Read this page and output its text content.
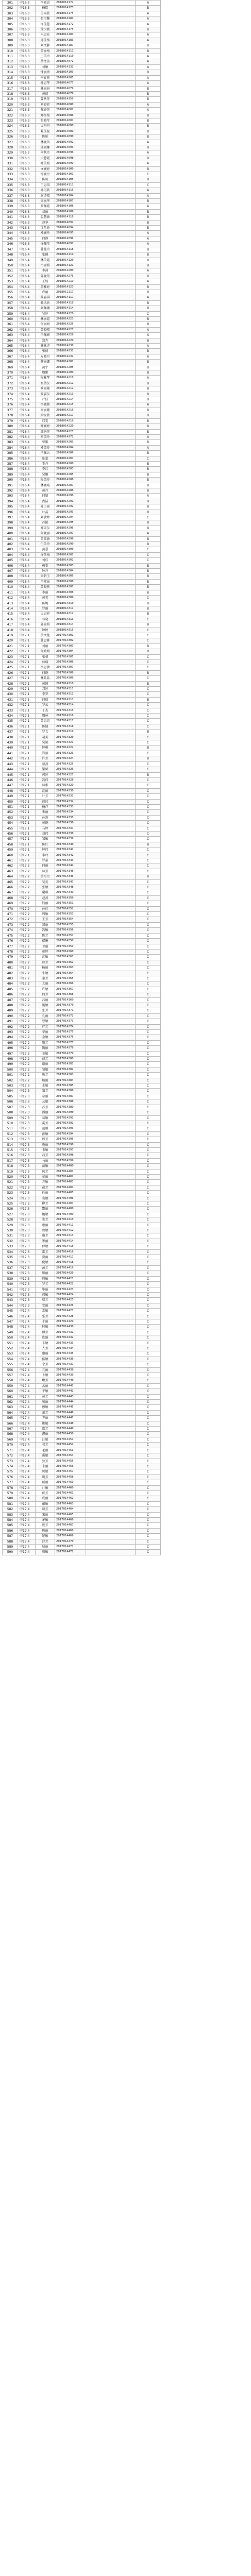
301	中16.3	李嘉恩	2018014172		A
302	中16.3	杨铭	2018014173		B
303	中16.3	吴雨欣	2018014175		A
304	中16.3	张可馨	2018014184		A
305	中16.3	许佳慧	2018014172		A
306	中16.3	徐少燕	2018014175		B
307	中16.3	朱思宏	2018014181		A
308	中16.3	邱佳怡	2018014183		A
309	中16.3	刘文静	2018014187		B
310	中16.3	黄丽梅	2018014111		B
311	中16.3	王美玲	2018014110		A
312	中16.3	蔡文洁	2018014072		A
313	中16.3	刘敏	2018014132		A
314	中16.3	钟丽珍	2018014103		B
315	中16.3	何春燕	2018014105		A
316	中16.3	杜思琴	2018014077		A
317	中16.3	林丽娟	2018014079		B
318	中16.3	黄倩	2018014079		B
319	中16.3	曾秋萍	2018014159		B
320	中16.3	罗婷婷	2018014080		A
321	中16.3	陈妙苑	2018014082		A
322	中16.3	郑红梅	2018014086		B
323	中16.3	张晓莹	2018014087		B
324	中16.3	吴丹丹	2018014088		B
325	中16.3	赖佳妮	2018014089		B
326	中16.3	陈娇	2018014090		B
327	中16.3	林晓茵	2018014092		A
328	中16.3	邱丽娜	2018014093		B
329	中16.3	何秋玲	2018014096		A
330	中16.3	卢慧霞	2018014098		B
331	中16.3	叶美娟	2018014099		A
332	中16.3	文婉婷	2018014100		B
333	中16.3	杨晓丹	2018014101		C
334	中16.3	陈凤	2018014105		B
335	中16.3	王思琪	2018014113		C
336	中16.3	邓可欣	2018014115		A
337	中16.3	谢诗晴	2018014104		A
338	中16.3	梁丽华	2018014107		B
339	中16.3	罗佩霞	2018014108		A
340	中16.3	刘丽	2018014109		B
341	中16.3	温慧敏	2018014116		B
342	中16.3	赵华	2018014092		B
343	中16.3	江月娇	2018014094		B
344	中16.3	邓婉玲	2018014095		A
345	中16.3	何静	2018014096		A
346	中16.3	许佩莹	2018014097		A
347	中16.4	曾曼玲	2018014118		B
348	中16.4	张佩	2018014119		B
349	中16.4	林美霞	2018014120		B
350	中16.4	吕丽娟	2018014121		B
351	中16.4	李茜	2018014200		A
352	中16.4	陈晓筠	2018014276		B
353	中16.4	王绮	2018014219		A
354	中16.4	黄雅婷	2018014123		B
355	中16.4	卢丽	2018011117		B
356	中16.4	罗嘉琪	2018014117		A
357	中16.4	赖洪欣	2018014118		B
358	中16.4	刘佩琳	2018014114		B
359	中16.4	吴婷	2018014120		C
360	中16.4	林丽霞	2018014223		B
361	中16.4	何丽娟	2018014225		B
362	中16.4	黄晓晴	2018014227		A
363	中16.4	余佩娴	2018014228		A
364	中16.4	郑卉	2018014229		B
365	中16.4	林咏诗	2018014230		A
366	中16.4	张倩	2018014231		B
367	中16.4	方晓丹	2018014232		A
368	中16.4	蔡丽娜	2018014201		B
369	中16.4	黄宇	2018014205		B
370	中16.4	魏紫	2018014209		B
371	中16.4	程雅琴	2018014210		A
372	中16.4	张倩仪	2018014211		B
373	中16.4	欧丽珊	2018014212		B
374	中16.4	罗嘉仪	2018014213		B
375	中16.4	严佳	2018014214		B
376	中16.4	李晓燕	2018014215		A
377	中16.4	谢丽珊	2018014216		B
378	中16.4	梁家欣	2018014217		B
379	中16.4	邝雯	2018014218		B
380	中16.4	叶婉婷	2018014220		B
381	中16.4	邱秀萍	2018014221		B
382	中16.4	罗美玲	2018014172		A
383	中16.4	曾紫	2018014203		B
384	中16.4	邓美玲	2018014204		A
385	中16.4	冯佩云	2018014206		B
386	中16.4	庄嘉	2018014207		C
387	中16.4	王丹	2018014208		B
388	中16.4	李红	2018014283		B
389	中16.4	吴姗	2018014285		B
390	中16.4	程美玲	2018014286		B
391	中16.4	林晓晴	2018014287		B
392	中16.4	黄丹	2018014288		B
393	中16.4	何婧	2018014290		A
394	中16.4	古洁	2018014291		B
395	中16.4	陈小丽	2018014292		B
396	中16.4	叶晶	2018014293		B
397	中16.4	刘敏婷	2018014294		C
398	中16.4	苏振	2018014295		B
399	中16.4	郑雪仪	2018014296		B
400	中16.4	何晓丽	2018014297		A
401	中16.4	黄嘉敏	2018014298		B
402	中16.4	伍美玲	2018014299		B
403	中16.4	黄慧	2018014300		C
404	中16.4	许冬梅	2018014301		C
405	中16.4	刘佳	2018014302		C
406	中16.4	赖雯	2018014303		B
407	中16.4	钟丹	2018014304		B
408	中16.4	梁碧玉	2018014305		B
409	中16.4	余嘉丽	2018014306		B
410	中16.4	黄晓燕	2018014307		B
411	中16.4	李丽	2018014308		B
412	中16.4	黄美	2018014309		C
413	中16.4	陈婉	2018014310		B
414	中16.4	罗丽	2018014311		B
415	中16.4	吴思婷	2018014312		B
416	中16.4	邓晓	2018014313		C
417	中16.4	郭丽娟	2018014314		B
418	中16.4	钟婷	2018014315		C
419	中17.1	黄文龙	2017014301		C
420	中17.1	曾思雅	2017014302		C
421	中17.1	刘丽	2017014303		B
422	中17.1	何媚娟	2017014304		B
423	中17.1	张朝	2017014305		C
424	中17.1	林瑞	2017014306		C
425	中17.1	李思敏	2017014307		C
426	中17.1	何晓	2017014308		B
427	中17.1	林晶晶	2017014309		C
428	中17.1	黄国	2017014310		B
429	中17.1	邓婷	2017014311		C
430	中17.1	李梦	2017014312		C
431	中17.1	何瑞	2017014313		B
432	中17.1	罗云	2017014314		C
433	中17.1	丁杰	2017014315		C
434	中17.1	魏林	2017014316		C
435	中17.1	黄思思	2017014317		C
436	中17.1	陈健	2017014318		C
437	中17.1	罗文	2017014319		B
438	中17.1	胡美	2017014320		C
439	中17.1	吴斌	2017014321		C
440	中17.1	钟琪	2017014322		B
441	中17.1	郑毅	2017014323		C
442	中17.1	许芳	2017014324		B
443	中17.1	蔡燕	2017014325		C
444	中17.1	梁斌	2017014326		C
445	中17.1	郭婷	2017014327		B
446	中17.1	冯伟	2017014328		C
447	中17.1	林雅	2017014329		C
448	中17.1	沈丽	2017014330		C
449	中17.1	叶芳	2017014331		C
450	中17.1	韩冰	2017014332		C
451	中17.1	杨洋	2017014333		C
452	中17.1	朱丽	2017014334		C
453	中17.1	孙涛	2017014335		C
454	中17.1	黄晓	2017014336		C
455	中17.1	马婷	2017014337		C
456	中17.1	刘伟	2017014338		C
457	中17.1	邹敏	2017014339		C
458	中17.1	陈红	2017014340		B
459	中17.1	钟伟	2017014341		C
460	中17.1	李玲	2017014342		C
461	中17.2	罗嘉	2017014343		C
462	中17.2	何丽	2017014344		C
463	中17.2	林芳	2017014345		C
464	中17.2	黄丹丹	2017014346		B
465	中17.2	吴英	2017014347		C
466	中17.2	张敏	2017014348		C
467	中17.2	谢琪	2017014349		C
468	中17.2	赵燕	2017014350		C
469	中17.2	钱丽	2017014351		C
470	中17.2	孙佳	2017014352		C
471	中17.2	周敏	2017014353		C
472	中17.2	王芳	2017014354		C
473	中17.2	郑丽	2017014355		C
474	中17.2	冯敏	2017014356		C
475	中17.2	陈芳	2017014357		C
476	中17.2	褚琳	2017014358		C
477	中17.2	卫丽	2017014359		C
478	中17.2	蒋婷	2017014360		C
479	中17.2	沈敏	2017014361		C
480	中17.2	韩芳	2017014362		C
481	中17.2	杨丽	2017014363		C
482	中17.2	朱敏	2017014364		C
483	中17.2	秦芳	2017014365		C
484	中17.2	尤丽	2017014366		C
485	中17.2	许敏	2017014367		C
486	中17.2	何芳	2017014368		C
487	中17.2	吕丽	2017014369		C
488	中17.2	施敏	2017014370		C
489	中17.2	张芳	2017014371		C
490	中17.2	孔丽	2017014372		C
491	中17.2	曹敏	2017014373		C
492	中17.2	严芳	2017014374		C
493	中17.2	华丽	2017014375		C
494	中17.2	金敏	2017014376		C
495	中17.2	魏芳	2017014377		C
496	中17.2	陶丽	2017014378		C
497	中17.2	姜敏	2017014379		C
498	中17.2	戚芳	2017014380		C
499	中17.2	谢丽	2017014381		C
500	中17.2	邹敏	2017014382		C
501	中17.2	喻芳	2017014383		C
502	中17.2	柏丽	2017014384		C
503	中17.3	水敏	2017014385		C
504	中17.3	窦芳	2017014386		C
505	中17.3	章丽	2017014387		C
506	中17.3	云敏	2017014388		C
507	中17.3	苏芳	2017014389		C
508	中17.3	潘丽	2017014390		C
509	中17.3	葛敏	2017014391		C
510	中17.3	奚芳	2017014392		C
511	中17.3	范丽	2017014393		C
512	中17.3	彭敏	2017014394		C
513	中17.3	郎芳	2017014395		C
514	中17.3	鲁丽	2017014396		C
515	中17.3	韦敏	2017014397		C
516	中17.3	昌芳	2017014398		C
517	中17.3	马丽	2017014399		C
518	中17.3	苗敏	2017014400		C
519	中17.3	凤芳	2017014401		C
520	中17.3	花丽	2017014402		C
521	中17.3	方敏	2017014403		C
522	中17.3	俞芳	2017014404		C
523	中17.3	任丽	2017014405		C
524	中17.3	袁敏	2017014406		C
525	中17.3	柳芳	2017014407		C
526	中17.3	酆丽	2017014408		C
527	中17.3	鲍敏	2017014409		C
528	中17.3	史芳	2017014410		C
529	中17.3	唐丽	2017014411		C
530	中17.3	费敏	2017014412		C
531	中17.3	廉芳	2017014413		C
532	中17.3	岑丽	2017014414		C
533	中17.3	薛敏	2017014415		C
534	中17.3	雷芳	2017014416		C
535	中17.3	贺丽	2017014417		C
536	中17.3	倪敏	2017014418		C
537	中17.3	汤芳	2017014419		C
538	中17.3	滕丽	2017014420		C
539	中17.3	殷敏	2017014421		C
540	中17.3	罗芳	2017014422		C
541	中17.3	毕丽	2017014423		C
542	中17.3	郝敏	2017014424		C
543	中17.3	邬芳	2017014425		C
544	中17.3	安丽	2017014426		C
545	中17.4	常敏	2017014427		C
546	中17.4	乐芳	2017014428		C
547	中17.4	于丽	2017014429		C
548	中17.4	时敏	2017014430		C
549	中17.4	傅芳	2017014431		C
550	中17.4	皮丽	2017014432		C
551	中17.4	卞敏	2017014433		C
552	中17.4	齐芳	2017014434		C
553	中17.4	康丽	2017014435		C
554	中17.4	伍敏	2017014436		C
555	中17.4	余芳	2017014437		C
556	中17.4	元丽	2017014438		C
557	中17.4	卜敏	2017014439		C
558	中17.4	顾芳	2017014440		C
559	中17.4	孟丽	2017014441		C
560	中17.4	平敏	2017014442		C
561	中17.4	黄芳	2017014443		C
562	中17.4	和丽	2017014444		C
563	中17.4	穆敏	2017014445		C
564	中17.4	萧芳	2017014446		C
565	中17.4	尹丽	2017014447		C
566	中17.4	姚敏	2017014448		C
567	中17.4	邵芳	2017014449		C
568	中17.4	湛丽	2017014450		C
569	中17.4	汪敏	2017014451		C
570	中17.4	祁芳	2017014452		C
571	中17.4	毛丽	2017014453		C
572	中17.4	禹敏	2017014454		C
573	中17.4	狄芳	2017014455		C
574	中17.4	米丽	2017014456		C
575	中17.4	贝敏	2017014457		C
576	中17.4	明芳	2017014458		C
577	中17.4	臧丽	2017014459		C
578	中17.4	计敏	2017014460		C
579	中17.4	伏芳	2017014461		C
580	中17.4	成丽	2017014462		C
581	中17.4	戴敏	2017014463		C
582	中17.4	谈芳	2017014464		C
583	中17.4	宋丽	2017014465		C
584	中17.4	茅敏	2017014466		C
585	中17.4	庞芳	2017014467		C
586	中17.4	熊丽	2017014468		C
587	中17.4	纪敏	2017014469		C
588	中17.4	舒芳	2017014470		C
589	中17.4	屈丽	2017014471		C
590	中17.4	项敏	2017014472		C
